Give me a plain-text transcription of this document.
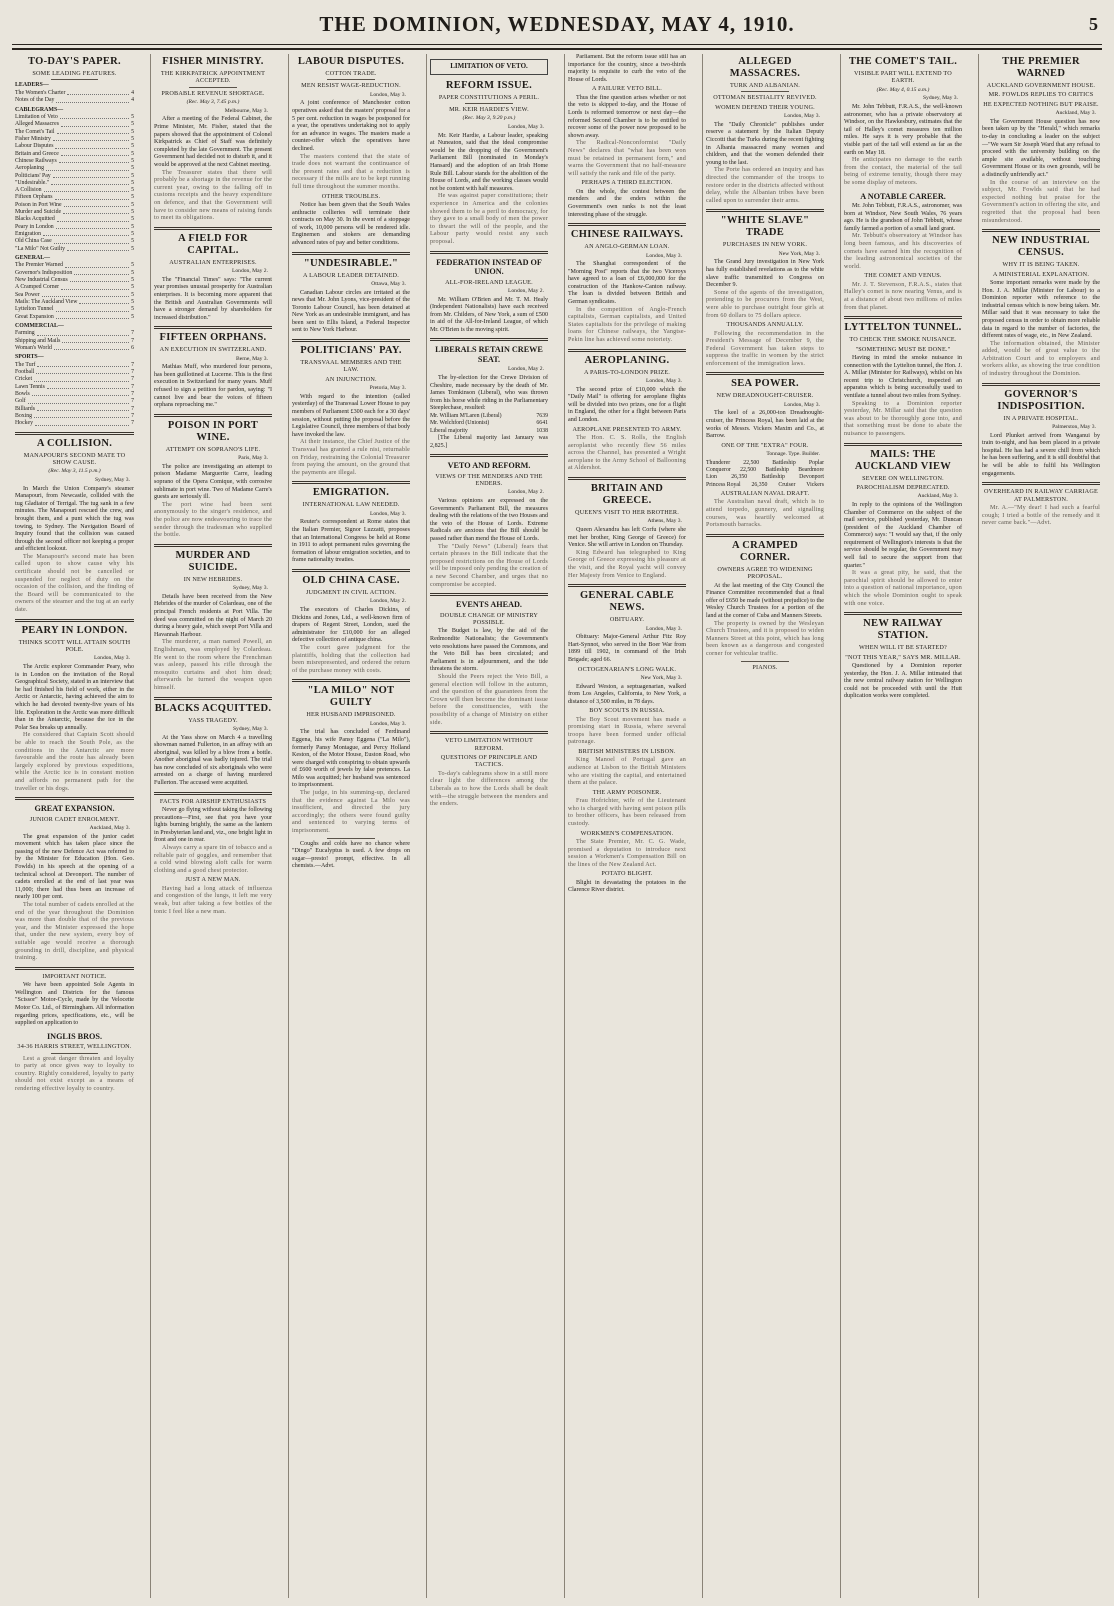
THE DOMINION, WEDNESDAY, MAY 4, 1910.	5
TO-DAY'S PAPER.
SOME LEADING FEATURES.
LEADERS—
The Women's Charter	4
Notes of the Day	4
CABLEGRAMS—
Limitation of Veto	5
Alleged Massacres	5
The Comet's Tail	5
Fisher Ministry	5
Labour Disputes	5
Britain and Greece	5
Chinese Railways	5
Aeroplaning	5
Politicians' Pay	5
"Undesirable."	5
A Collision	5
Fifteen Orphans	5
Poison in Port Wine	5
Murder and Suicide	5
Blacks Acquitted	5
Peary in London	5
Emigration	5
Old China Case	5
"La Milo" Not Guilty	5
GENERAL—
The Premier Warned	5
Governor's Indisposition	5
New Industrial Census	5
A Cramped Corner	5
Sea Power	5
Mails: The Auckland View	5
Lyttelton Tunnel	5
Great Expansion	5
COMMERCIAL—
Farming	7
Shipping and Mails	7
Woman's World	6
SPORTS—
The Turf	7
Football	7
Cricket	7
Lawn Tennis	7
Bowls	7
Golf	7
Billiards	7
Boxing	7
Hockey	7
A COLLISION.
MANAPOURI'S SECOND MATE TO SHOW CAUSE.
(Rec. May 3, 11.5 p.m.)
Sydney, May 3.

In March the Union Company's steamer Manapouri, from Newcastle, collided with the tug Gladiator of Terrigal. The tug sank in a few minutes. The Manapouri rescued the crew, and brought them, and a punt which the tug was towing, to Sydney. The Navigation Board of Inquiry found that the collision was caused through the second officer not keeping a proper and efficient lookout.

The Manapouri's second mate has been called upon to show cause why his certificate should not be cancelled or suspended for neglect of duty on the occasion of the collision, and the finding of the Board will be communicated to the owners of the steamer and the tug at an early date.

PEARY IN LONDON.
THINKS SCOTT WILL ATTAIN SOUTH POLE.
London, May 3.

The Arctic explorer Commander Peary, who is in London on the invitation of the Royal Geographical Society, stated in an interview that he had finished his field of work, either in the Arctic or Antarctic, having achieved the aim to which he had devoted twenty-five years of his life. Exploration in the Arctic was more difficult than in the Antarctic, because the ice in the Polar Sea breaks up annually.

He considered that Captain Scott should be able to reach the South Pole, as the conditions in the Antarctic are more favourable and the route has already been largely explored by previous expeditions, while the Arctic ice is in constant motion and affords no permanent path for the traveller or his dogs.

GREAT EXPANSION.
JUNIOR CADET ENROLMENT.
Auckland, May 3.

The great expansion of the junior cadet movement which has taken place since the passing of the new Defence Act was referred to by the Minister for Education (Hon. Geo. Fowlds) in his speech at the opening of a technical school at Devonport. The number of cadets enrolled at the end of last year was 11,000; there had thus been an increase of nearly 100 per cent.

The total number of cadets enrolled at the end of the year throughout the Dominion was more than double that of the previous year, and the Minister expressed the hope that, under the new system, every boy of suitable age would receive a thorough grounding in drill, discipline, and physical training.

IMPORTANT NOTICE.

We have been appointed Sole Agents in Wellington and Districts for the famous "Scissor" Motor-Cycle, made by the Velocette Motor Co. Ltd., of Birmingham. All information regarding prices, specifications, etc., will be supplied on application to

INGLIS BROS.
34-36 HARRIS STREET, WELLINGTON.

Lest a great danger threaten and loyalty to party at once gives way to loyalty to country. Rightly considered, loyalty to party should not exist except as a means of rendering effective loyalty to country.

FISHER MINISTRY.
THE KIRKPATRICK APPOINTMENT ACCEPTED.
PROBABLE REVENUE SHORTAGE.
(Rec. May 3, 7.45 p.m.)
Melbourne, May 3.

After a meeting of the Federal Cabinet, the Prime Minister, Mr. Fisher, stated that the papers showed that the appointment of Colonel Kirkpatrick as Chief of Staff was definitely completed by the late Government. The present Government had decided not to disturb it, and it would be approved at the next Cabinet meeting.

The Treasurer states that there will probably be a shortage in the revenue for the current year, owing to the falling off in customs receipts and the heavy expenditure on defence, and that the Government will have to consider new means of raising funds to meet its obligations.

A FIELD FOR CAPITAL.
AUSTRALIAN ENTERPRISES.
London, May 2.

The "Financial Times" says: "The current year promises unusual prosperity for Australian enterprises. It is becoming more apparent that the British and Australian Governments will have a stronger demand by shareholders for increased distribution."

FIFTEEN ORPHANS.
AN EXECUTION IN SWITZERLAND.
Berne, May 3.

Mathias Muff, who murdered four persons, has been guillotined at Lucerne. This is the first execution in Switzerland for many years. Muff refused to sign a petition for pardon, saying: "I cannot live and bear the voices of fifteen orphans reproaching me."

POISON IN PORT WINE.
ATTEMPT ON SOPRANO'S LIFE.
Paris, May 3.

The police are investigating an attempt to poison Madame Marguerite Carre, leading soprano of the Opera Comique, with corrosive sublimate in port wine. Two of Madame Carre's guests are seriously ill.

The port wine had been sent anonymously to the singer's residence, and the police are now endeavouring to trace the sender through the tradesman who supplied the bottle.

MURDER AND SUICIDE.
IN NEW HEBRIDES.
Sydney, May 3.

Details have been received from the New Hebrides of the murder of Colardeau, one of the principal French residents at Port Villa. The deed was committed on the night of March 20 during a heavy gale, which swept Port Villa and Havannah Harbour.

The murderer, a man named Powell, an Englishman, was employed by Colardeau. He went to the room where the Frenchman was asleep, passed his rifle through the mosquito curtains and shot him dead; afterwards he turned the weapon upon himself.

BLACKS ACQUITTED.
YASS TRAGEDY.
Sydney, May 3.

At the Yass show on March 4 a travelling showman named Fullerton, in an affray with an aboriginal, was killed by a blow from a bottle. Another aboriginal was badly injured. The trial has now concluded of six aboriginals who were arrested on a charge of having murdered Fullerton. The accused were acquitted.

FACTS FOR AIRSHIP ENTHUSIASTS

Never go flying without taking the following precautions—First, see that you have your lights burning brightly, the same as the lantern in Presbyterian land and, viz., one bright light in front and one in rear.

Always carry a spare tin of tobacco and a reliable pair of goggles, and remember that a cold wind blowing aloft calls for warm clothing and a good chest protector.

JUST A NEW MAN.

Having had a long attack of influenza and congestion of the lungs, it left me very weak, but after taking a few bottles of the tonic I feel like a new man.

LABOUR DISPUTES.
COTTON TRADE.
MEN RESIST WAGE-REDUCTION.
London, May 3.

A joint conference of Manchester cotton operatives asked that the masters' proposal for a 5 per cent. reduction in wages be postponed for a year, the operatives undertaking not to apply for an advance in wages. The masters made a counter-offer which the operatives have declined.

The masters contend that the state of trade does not warrant the continuance of the present rates and that a reduction is necessary if the mills are to be kept running full time throughout the summer months.

OTHER TROUBLES.

Notice has been given that the South Wales anthracite collieries will terminate their contracts on May 30. In the event of a stoppage of work, 10,000 persons will be rendered idle. Enginemen and stokers are demanding advanced rates of pay and better conditions.

"UNDESIRABLE."
A LABOUR LEADER DETAINED.
Ottawa, May 3.

Canadian Labour circles are irritated at the news that Mr. John Lyons, vice-president of the Toronto Labour Council, has been detained at New York as an undesirable immigrant, and has been sent to Ellis Island, a Federal Inspector sent to New York Harbour.

POLITICIANS' PAY.
TRANSVAAL MEMBERS AND THE LAW.
AN INJUNCTION.
Pretoria, May 3.

With regard to the intention (called yesterday) of the Transvaal Lower House to pay members of Parliament £300 each for a 30 days' session, without putting the proposal before the Legislative Council, three members of that body have invoked the law.

At their instance, the Chief Justice of the Transvaal has granted a rule nisi, returnable on Friday, restraining the Colonial Treasurer from paying the amount, on the ground that the payments are illegal.

EMIGRATION.
INTERNATIONAL LAW NEEDED.
London, May 3.

Reuter's correspondent at Rome states that the Italian Premier, Signor Luzzatti, proposes that an International Congress be held at Rome in 1911 to adopt permanent rules governing the formation of labour emigration societies, and to frame nationality treaties.

OLD CHINA CASE.
JUDGMENT IN CIVIL ACTION.
London, May 2.

The executors of Charles Dickins, of Dickins and Jones, Ltd., a well-known firm of drapers of Regent Street, London, sued the administrator for £10,000 for an alleged defective collection of antique china.

The court gave judgment for the plaintiffs, holding that the collection had been misrepresented, and ordered the return of the purchase money with costs.

"LA MILO" NOT GUILTY
HER HUSBAND IMPRISONED.
London, May 3.

The trial has concluded of Ferdinand Eggena, his wife Pansy Eggena ("La Milo"), formerly Pansy Montague, and Percy Holland Keston, of the Motor House, Euston Road, who were charged with conspiring to obtain upwards of £600 worth of jewels by false pretences. La Milo was acquitted; her husband was sentenced to imprisonment.

The judge, in his summing-up, declared that the evidence against La Milo was insufficient, and directed the jury accordingly; the others were found guilty and sentenced to varying terms of imprisonment.

Coughs and colds have no chance where "Dingo" Eucalyptus is used. A few drops on sugar—presto! prompt, effective. In all chemists.—Advt.

LIMITATION OF VETO.
REFORM ISSUE.
PAPER CONSTITUTIONS A PERIL.
MR. KEIR HARDIE'S VIEW.
(Rec. May 3, 9.20 p.m.)
London, May 3.

Mr. Keir Hardie, a Labour leader, speaking at Nuneaton, said that the ideal compromise would be the dropping of the Government's Parliament Bill (nominated in Monday's Hansard) and the adoption of an Irish Home Rule Bill. Labour stands for the abolition of the House of Lords, and the working classes would not be content with half measures.

He was against paper constitutions; their experience in America and the colonies showed them to be a peril to democracy, for they gave to a small body of men the power to thwart the will of the people, and the Labour party would resist any such proposal.

FEDERATION INSTEAD OF UNION.
ALL-FOR-IRELAND LEAGUE.
London, May 2.

Mr. William O'Brien and Mr. T. M. Healy (Independent Nationalists) have each received from Mr. Childers, of New York, a sum of £500 in aid of the All-for-Ireland League, of which Mr. O'Brien is the moving spirit.

LIBERALS RETAIN CREWE SEAT.
London, May 2.

The by-election for the Crewe Division of Cheshire, made necessary by the death of Mr. James Tomkinson (Liberal), who was thrown from his horse while riding in the Parliamentary Steeplechase, resulted:

Mr. William M'Laren (Liberal)	7639
Mr. Welchford (Unionist)	6641
Liberal majority	1038

[The Liberal majority last January was 2,825.]

VETO AND REFORM.
VIEWS OF THE MENDERS AND THE ENDERS.
London, May 2.

Various opinions are expressed on the Government's Parliament Bill, the measures dealing with the relations of the two Houses and the veto of the House of Lords. Extreme Radicals are anxious that the Bill should be passed rather than mend the House of Lords.

The "Daily News" (Liberal) fears that certain phrases in the Bill indicate that the proposed restrictions on the House of Lords will be imposed only pending the creation of a new Second Chamber, and urges that no compromise be accepted.

EVENTS AHEAD.
DOUBLE CHANGE OF MINISTRY POSSIBLE.

The Budget is law, by the aid of the Redmondite Nationalists; the Government's veto resolutions have passed the Commons, and the Veto Bill has been circulated; and Parliament is in adjournment, and the tide threatens the storm.

Should the Peers reject the Veto Bill, a general election will follow in the autumn, and the question of the guarantees from the Crown will then become the dominant issue before the constituencies, with the possibility of a change of Ministry on either side.

VETO LIMITATION WITHOUT REFORM.
QUESTIONS OF PRINCIPLE AND TACTICS.

To-day's cablegrams show in a still more clear light the differences among the Liberals as to how the Lords shall be dealt with—the struggle between the menders and the enders.

Parliament. But the reform issue still has an importance for the country, since a two-thirds majority is requisite to curb the veto of the House of Lords.

A FAILURE VETO BILL.

Thus the fine question arises whether or not the veto is skipped to-day, and the House of Lords is reformed tomorrow or next day—the reformed Second Chamber is to be entitled to recover some of the power now proposed to be shown away.

The Radical-Nonconformist "Daily News" declares that "what has been won must be retained in permanent form," and warns the Government that no half-measure will satisfy the rank and file of the party.

PERHAPS A THIRD ELECTION.

On the whole, the contest between the menders and the enders within the Government's own ranks is not the least interesting phase of the struggle.

CHINESE RAILWAYS.
AN ANGLO-GERMAN LOAN.
London, May 3.

The Shanghai correspondent of the "Morning Post" reports that the two Viceroys have agreed to a loan of £6,000,000 for the construction of the Hankow-Canton railway. The loan is divided between British and German syndicates.

In the competition of Anglo-French capitalists, German capitalists, and United States capitalists for the privilege of making loans for Chinese railways, the Yangtse-Pekin line has achieved some notoriety.

AEROPLANING.
A PARIS-TO-LONDON PRIZE.
London, May 3.

The second prize of £10,000 which the "Daily Mail" is offering for aeroplane flights will be divided into two prizes, one for a flight in England, the other for a flight between Paris and London.

AEROPLANE PRESENTED TO ARMY.

The Hon. C. S. Rolls, the English aeroplanist who recently flew 56 miles across the Channel, has presented a Wright aeroplane to the Army School of Ballooning at Aldershot.

BRITAIN AND GREECE.
QUEEN'S VISIT TO HER BROTHER.
Athens, May 3.

Queen Alexandra has left Corfu (where she met her brother, King George of Greece) for Venice. She will arrive in London on Thursday.

King Edward has telegraphed to King George of Greece expressing his pleasure at the visit, and the Royal yacht will convey Her Majesty from Venice to England.

GENERAL CABLE NEWS.
OBITUARY.
London, May 3.

Obituary: Major-General Arthur Fitz Roy Hart-Synnot, who served in the Boer War from 1899 till 1902, in command of the Irish Brigade; aged 66.

OCTOGENARIAN'S LONG WALK.
New York, May 3.

Edward Weston, a septuagenarian, walked from Los Angeles, California, to New York, a distance of 3,500 miles, in 78 days.

BOY SCOUTS IN RUSSIA.

The Boy Scout movement has made a promising start in Russia, where several troops have been formed under official patronage.

BRITISH MINISTERS IN LISBON.

King Manoel of Portugal gave an audience at Lisbon to the British Ministers who are visiting the capital, and entertained them at the palace.

THE ARMY POISONER.

Frau Hofrichter, wife of the Lieutenant who is charged with having sent poison pills to brother officers, has been released from custody.

WORKMEN'S COMPENSATION.

The State Premier, Mr. C. G. Wade, promised a deputation to introduce next session a Workmen's Compensation Bill on the lines of the New Zealand Act.

POTATO BLIGHT.

Blight in devastating the potatoes in the Clarence River district.

ALLEGED MASSACRES.
TURK AND ALBANIAN.
OTTOMAN BESTIALITY REVIVED.
WOMEN DEFEND THEIR YOUNG.
London, May 3.

The "Daily Chronicle" publishes under reserve a statement by the Italian Deputy Ciccotti that the Turks during the recent fighting in Albania massacred many women and children, and that the women defended their young to the last.

The Porte has ordered an inquiry and has directed the commander of the troops to restore order in the districts affected without delay, while the Albanian tribes have been called upon to surrender their arms.

"WHITE SLAVE" TRADE
PURCHASES IN NEW YORK.
New York, May 3.

The Grand Jury investigation in New York has fully established revelations as to the white slave traffic transmitted to Congress on December 9.

Some of the agents of the investigation, pretending to be procurers from the West, were able to purchase outright four girls at from 60 dollars to 75 dollars apiece.

THOUSANDS ANNUALLY.

Following the recommendation in the President's Message of December 9, the Federal Government has taken steps to suppress the traffic in women by the strict enforcement of the immigration laws.

SEA POWER.
NEW DREADNOUGHT-CRUISER.
London, May 3.

The keel of a 26,000-ton Dreadnought-cruiser, the Princess Royal, has been laid at the works of Messrs. Vickers Maxim and Co., at Barrow.

ONE OF THE "EXTRA" FOUR.
Tonnage. Type. Builder.
Thunderer 22,500 Battleship Poplar
Conqueror 22,500 Battleship Beardmore
Lion 26,350 Battleship Devonport
Princess Royal 26,350 Cruiser Vickers
AUSTRALIAN NAVAL DRAFT.

The Australian naval draft, which is to attend torpedo, gunnery, and signalling courses, was heartily welcomed at Portsmouth barracks.

A CRAMPED CORNER.
OWNERS AGREE TO WIDENING PROPOSAL.

At the last meeting of the City Council the Finance Committee recommended that a final offer of £650 be made (without prejudice) to the Wesley Church Trustees for a portion of the land at the corner of Cuba and Manners Streets.

The property is owned by the Wesleyan Church Trustees, and it is proposed to widen Manners Street at this point, which has long been known as a dangerous and congested corner for vehicular traffic.

PIANOS.
THE COMET'S TAIL.
VISIBLE PART WILL EXTEND TO EARTH.
(Rec. May 4, 0.15 a.m.)
Sydney, May 3.

Mr. John Tebbutt, F.R.A.S., the well-known astronomer, who has a private observatory at Windsor, on the Hawkesbury, estimates that the tail of Halley's comet measures ten million miles. He says it is very probable that the visible part of the tail will extend as far as the earth on May 18.

He anticipates no damage to the earth from the contact, the material of the tail being of extreme tenuity, though there may be some display of meteors.

A NOTABLE CAREER.

Mr. John Tebbutt, F.R.A.S., astronomer, was born at Windsor, New South Wales, 76 years ago. He is the grandson of John Tebbutt, whose family farmed a portion of a small land grant.

Mr. Tebbutt's observatory at Windsor has long been famous, and his discoveries of comets have earned him the recognition of the leading astronomical societies of the world.

THE COMET AND VENUS.

Mr. J. T. Stevenson, F.R.A.S., states that Halley's comet is now nearing Venus, and is at a distance of about two millions of miles from that planet.

LYTTELTON TUNNEL.
TO CHECK THE SMOKE NUISANCE.
"SOMETHING MUST BE DONE."

Having in mind the smoke nuisance in connection with the Lyttelton tunnel, the Hon. J. A. Millar (Minister for Railways), whilst on his recent trip to Christchurch, inspected an apparatus which is being successfully used to ventilate a tunnel about two miles from Sydney.

Speaking to a Dominion reporter yesterday, Mr. Millar said that the question was about to be thoroughly gone into, and that something must be done to abate the nuisance to passengers.

MAILS: THE AUCKLAND VIEW
SEVERE ON WELLINGTON.
PAROCHIALISM DEPRECATED.
Auckland, May 3.

In reply to the opinions of the Wellington Chamber of Commerce on the subject of the mail service, published yesterday, Mr. Duncan (president of the Auckland Chamber of Commerce) says: "I would say that, if the only requirement of Wellington's interests is that the service should be regular, the Government may well fail to secure the support from that quarter."

It was a great pity, he said, that the parochial spirit should be allowed to enter into a question of national importance, upon which the whole Dominion ought to speak with one voice.

NEW RAILWAY STATION.
WHEN WILL IT BE STARTED?
"NOT THIS YEAR," SAYS MR. MILLAR.

Questioned by a Dominion reporter yesterday, the Hon. J. A. Millar intimated that the new central railway station for Wellington could not be proceeded with until the Hutt duplication works were completed.

THE PREMIER WARNED
AUCKLAND GOVERNMENT HOUSE.
MR. FOWLDS REPLIES TO CRITICS
HE EXPECTED NOTHING BUT PRAISE.
Auckland, May 3.

The Government House question has now been taken up by the "Herald," which remarks to-day in concluding a leader on the subject—"We warn Sir Joseph Ward that any refusal to proceed with the university building on the ample site available, without touching Government House or its own grounds, will be a distinctly unfriendly act."

In the course of an interview on the subject, Mr. Fowlds said that he had expected nothing but praise for the Government's action in offering the site, and regretted that the proposal had been misunderstood.

NEW INDUSTRIAL CENSUS.
WHY IT IS BEING TAKEN.
A MINISTERIAL EXPLANATION.

Some important remarks were made by the Hon. J. A. Millar (Minister for Labour) to a Dominion reporter with reference to the industrial census which is now being taken. Mr. Millar said that it was necessary to take the proposed census in order to obtain more reliable data in regard to the number of factories, the different rates of wage, etc., in New Zealand.

The information obtained, the Minister added, would be of great value to the Arbitration Court and to employers and workers alike, as showing the true condition of industry throughout the Dominion.

GOVERNOR'S INDISPOSITION.
IN A PRIVATE HOSPITAL.
Palmerston, May 3.

Lord Plunket arrived from Wanganui by train to-night, and has been placed in a private hospital. He has had a severe chill from which he has been suffering, and it is still doubtful that he will be able to fulfil his Wellington engagements.

OVERHEARD IN RAILWAY CARRIAGE AT PALMERSTON.

Mr. A.—"My dear! I had such a fearful cough; I tried a bottle of the remedy and it never came back."—Advt.
